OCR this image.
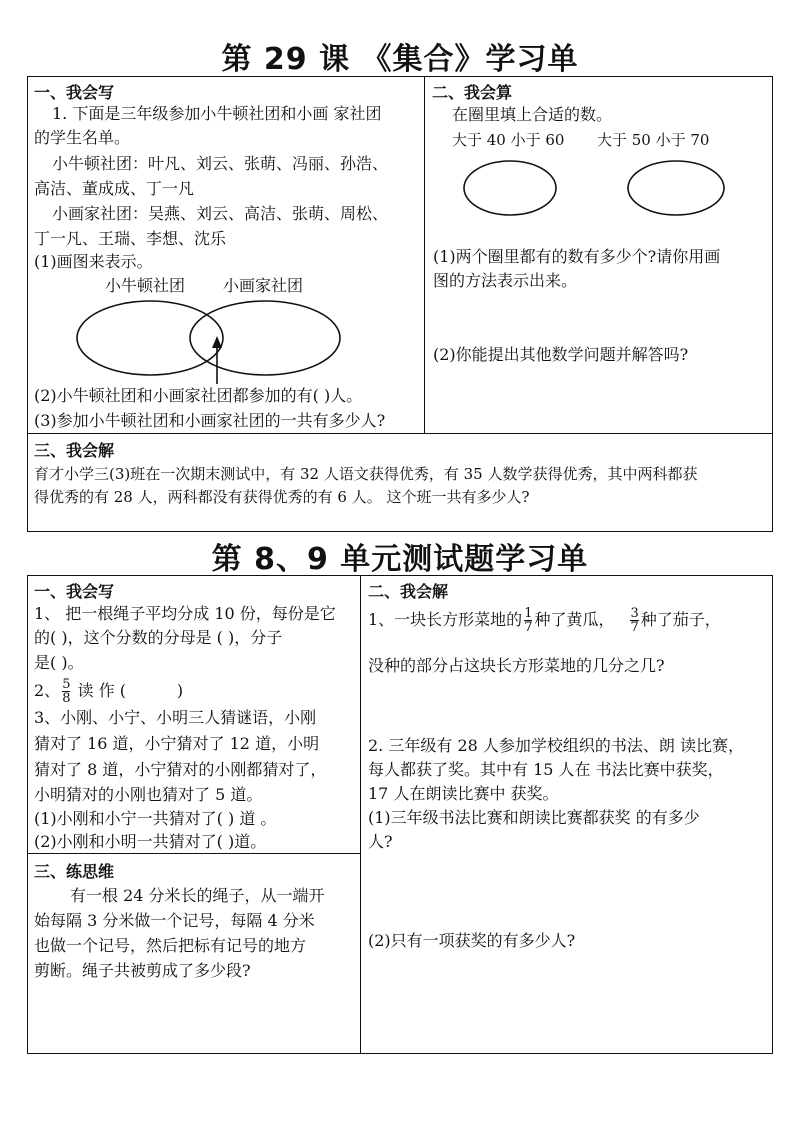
第 29 课 《集合》学习单
一、我会写
1. 下面是三年级参加小牛顿社团和小画 家社团
的学生名单。
小牛顿社团：叶凡、刘云、张萌、冯丽、孙浩、
高洁、董成成、丁一凡
小画家社团：吴燕、刘云、高洁、张萌、周松、
丁一凡、王瑞、李想、沈乐
(1)画图来表示。
小牛顿社团 小画家社团
(2)小牛顿社团和小画家社团都参加的有( )人。
(3)参加小牛顿社团和小画家社团的一共有多少人?
二、我会算
在圈里填上合适的数。
大于 40 小于 60 大于 50 小于 70
(1)两个圈里都有的数有多少个?请你用画
图的方法表示出来。
(2)你能提出其他数学问题并解答吗?
三、我会解
育才小学三(3)班在一次期末测试中，有 32 人语文获得优秀，有 35 人数学获得优秀，其中两科都获
得优秀的有 28 人，两科都没有获得优秀的有 6 人。 这个班一共有多少人?
第 8、9 单元测试题学习单
一、我会写
1、 把一根绳子平均分成 10 份，每份是它
的( )，这个分数的分母是 ( )，分子
是( )。
2、 $\frac{5}{8}$ 读 作 (          )
3、小刚、小宁、小明三人猜谜语，小刚
猜对了 16 道，小宁猜对了 12 道，小明
猜对了 8 道，小宁猜对的小刚都猜对了，
小明猜对的小刚也猜对了 5 道。
(1)小刚和小宁一共猜对了( ) 道 。
(2)小刚和小明一共猜对了( )道。
三、练思维
有一根 24 分米长的绳子，从一端开
始每隔 3 分米做一个记号，每隔 4 分米
也做一个记号，然后把标有记号的地方
剪断。绳子共被剪成了多少段?
二、我会解
1、一块长方形菜地的 $\frac{1}{7}$ 种了黄瓜， $\frac{3}{7}$ 种了茄子，
没种的部分占这块长方形菜地的几分之几?
2. 三年级有 28 人参加学校组织的书法、朗 读比赛，
每人都获了奖。其中有 15 人在 书法比赛中获奖，
17 人在朗读比赛中 获奖。
(1)三年级书法比赛和朗读比赛都获奖 的有多少
人?
(2)只有一项获奖的有多少人?
